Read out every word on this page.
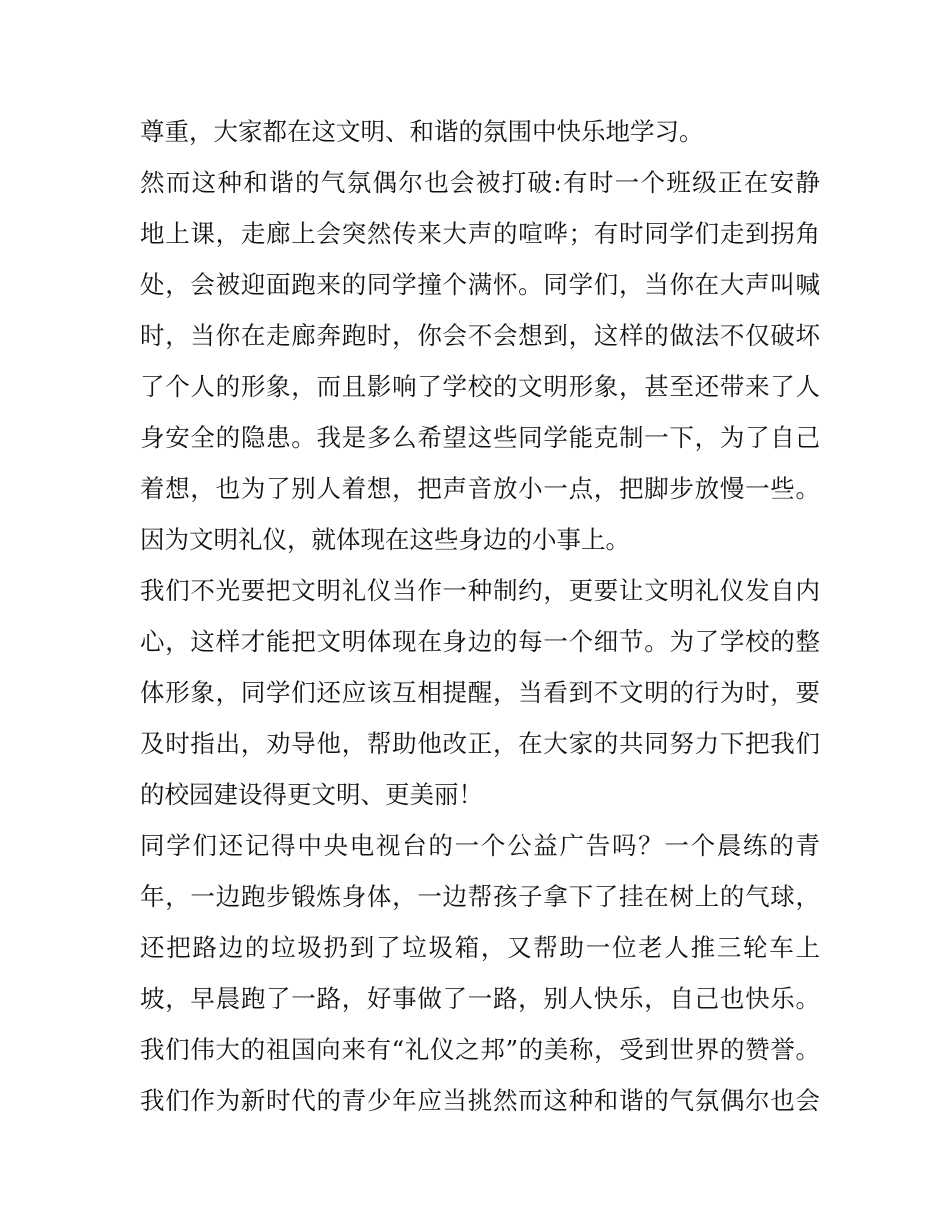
尊重，大家都在这文明、和谐的氛围中快乐地学习。
然而这种和谐的气氛偶尔也会被打破:有时一个班级正在安静
地上课，走廊上会突然传来大声的喧哗；有时同学们走到拐角
处，会被迎面跑来的同学撞个满怀。同学们，当你在大声叫喊
时，当你在走廊奔跑时，你会不会想到，这样的做法不仅破坏
了个人的形象，而且影响了学校的文明形象，甚至还带来了人
身安全的隐患。我是多么希望这些同学能克制一下，为了自己
着想，也为了别人着想，把声音放小一点，把脚步放慢一些。
因为文明礼仪，就体现在这些身边的小事上。
我们不光要把文明礼仪当作一种制约，更要让文明礼仪发自内
心，这样才能把文明体现在身边的每一个细节。为了学校的整
体形象，同学们还应该互相提醒，当看到不文明的行为时，要
及时指出，劝导他，帮助他改正，在大家的共同努力下把我们
的校园建设得更文明、更美丽！
同学们还记得中央电视台的一个公益广告吗？一个晨练的青
年，一边跑步锻炼身体，一边帮孩子拿下了挂在树上的气球，
还把路边的垃圾扔到了垃圾箱，又帮助一位老人推三轮车上
坡，早晨跑了一路，好事做了一路，别人快乐，自己也快乐。
我们伟大的祖国向来有“礼仪之邦”的美称，受到世界的赞誉。
我们作为新时代的青少年应当挑然而这种和谐的气氛偶尔也会
